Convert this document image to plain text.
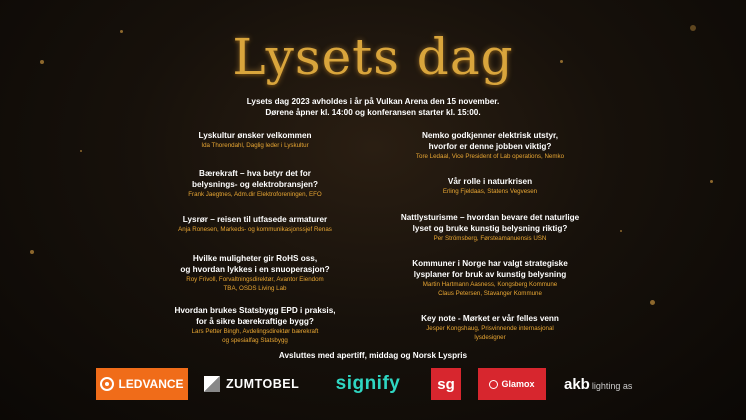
Lysets dag
Lysets dag 2023 avholdes i år på Vulkan Arena den 15 november.
Dørene åpner kl. 14:00 og konferansen starter kl. 15:00.
Lyskultur ønsker velkommen
Ida Thorendahl, Daglig leder i Lyskultur
Bærekraft – hva betyr det for
belysnings- og elektrobransjen?
Frank Jaegtnes, Adm.dir Elektroforeningen, EFO
Lysrør – reisen til utfasede armaturer
Anja Ronesen, Markeds- og kommunikasjonssjef Renas
Hvilke muligheter gir RoHS oss,
og hvordan lykkes i en snuoperasjon?
Roy Frivoll, Forvaltningsdirektør, Avantor Eiendom
TBA, OSDS Living Lab
Hvordan brukes Statsbygg EPD i praksis,
for å sikre bærekraftige bygg?
Lars Petter Bingh, Avdelingsdirektør bærekraft
og spesialfag Statsbygg
Nemko godkjenner elektrisk utstyr,
hvorfor er denne jobben viktig?
Tore Ledaal, Vice President of Lab operations, Nemko
Vår rolle i naturkrisen
Erling Fjeldaas, Statens Vegvesen
Nattlysturisme – hvordan bevare det naturlige
lyset og bruke kunstig belysning riktig?
Per Strömsberg, Førsteamanuensis USN
Kommuner i Norge har valgt strategiske
lysplaner for bruk av kunstig belysning
Martin Hartmann Aasness, Kongsberg Kommune
Claus Petersen, Stavanger Kommune
Key note - Mørket er vår felles venn
Jesper Kongshaug, Prisvinnende internasjonal
lysdesigner
Avsluttes med apertiff, middag og Norsk Lyspris
LEDVANCE	ZUMTOBEL signify sg	Glamox akb lighting as
